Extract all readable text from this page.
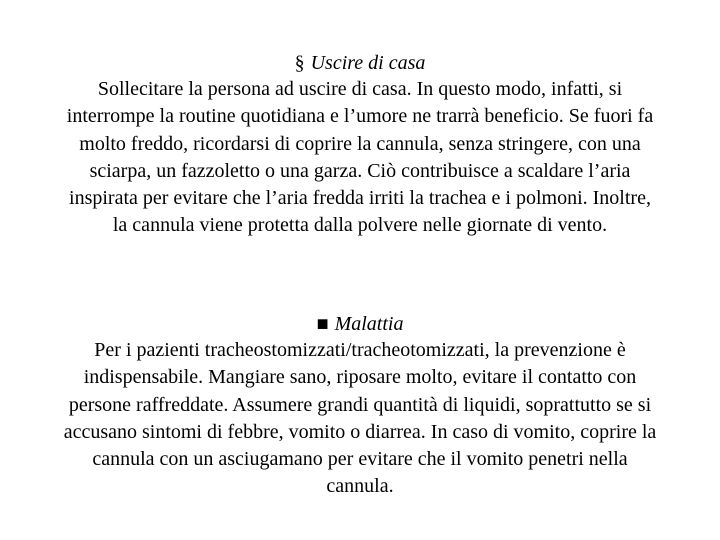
§ Uscire di casa

Sollecitare la persona ad uscire di casa. In questo modo, infatti, si interrompe la routine quotidiana e l’umore ne trarrà beneficio. Se fuori fa molto freddo, ricordarsi di coprire la cannula, senza stringere, con una sciarpa, un fazzoletto o una garza. Ciò contribuisce a scaldare l’aria inspirata per evitare che l’aria fredda irriti la trachea e i polmoni. Inoltre, la cannula viene protetta dalla polvere nelle giornate di vento.

■ Malattia

Per i pazienti tracheostomizzati/tracheotomizzati, la prevenzione è indispensabile. Mangiare sano, riposare molto, evitare il contatto con persone raffreddate. Assumere grandi quantità di liquidi, soprattutto se si accusano sintomi di febbre, vomito o diarrea. In caso di vomito, coprire la cannula con un asciugamano per evitare che il vomito penetri nella cannula.
